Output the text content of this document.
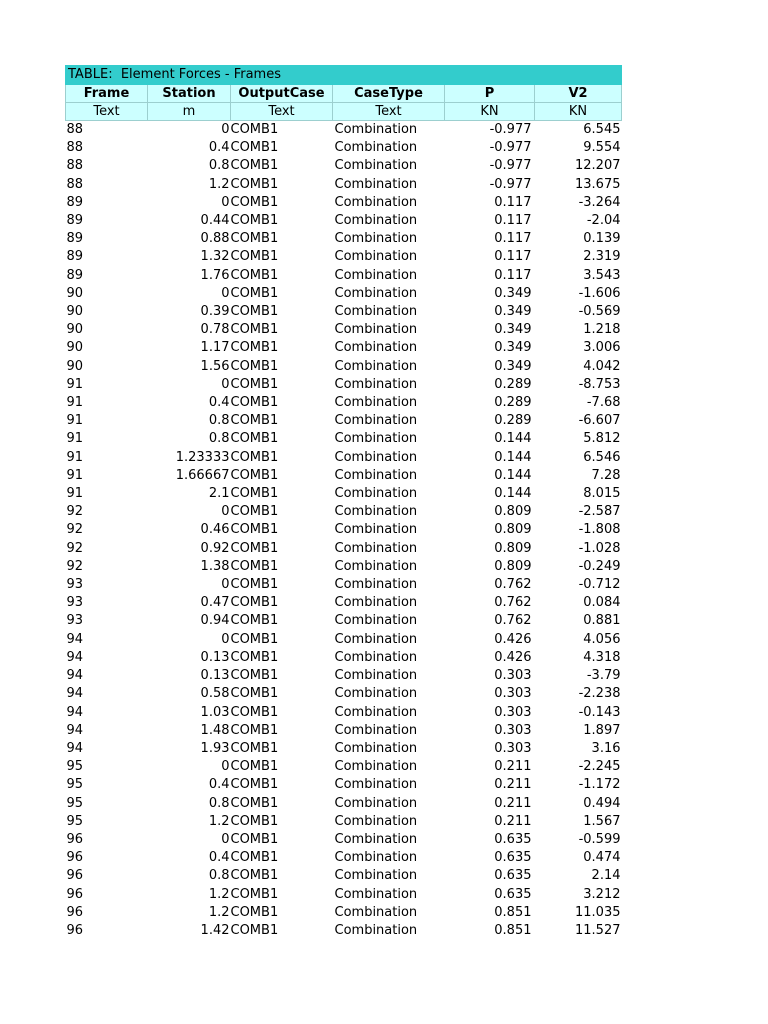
TABLE:  Element Forces - Frames					
Frame	Station	OutputCase	CaseType	P	V2
Text	m	Text	Text	KN	KN
88	0	COMB1	Combination	-0.977	6.545
88	0.4	COMB1	Combination	-0.977	9.554
88	0.8	COMB1	Combination	-0.977	12.207
88	1.2	COMB1	Combination	-0.977	13.675
89	0	COMB1	Combination	0.117	-3.264
89	0.44	COMB1	Combination	0.117	-2.04
89	0.88	COMB1	Combination	0.117	0.139
89	1.32	COMB1	Combination	0.117	2.319
89	1.76	COMB1	Combination	0.117	3.543
90	0	COMB1	Combination	0.349	-1.606
90	0.39	COMB1	Combination	0.349	-0.569
90	0.78	COMB1	Combination	0.349	1.218
90	1.17	COMB1	Combination	0.349	3.006
90	1.56	COMB1	Combination	0.349	4.042
91	0	COMB1	Combination	0.289	-8.753
91	0.4	COMB1	Combination	0.289	-7.68
91	0.8	COMB1	Combination	0.289	-6.607
91	0.8	COMB1	Combination	0.144	5.812
91	1.23333	COMB1	Combination	0.144	6.546
91	1.66667	COMB1	Combination	0.144	7.28
91	2.1	COMB1	Combination	0.144	8.015
92	0	COMB1	Combination	0.809	-2.587
92	0.46	COMB1	Combination	0.809	-1.808
92	0.92	COMB1	Combination	0.809	-1.028
92	1.38	COMB1	Combination	0.809	-0.249
93	0	COMB1	Combination	0.762	-0.712
93	0.47	COMB1	Combination	0.762	0.084
93	0.94	COMB1	Combination	0.762	0.881
94	0	COMB1	Combination	0.426	4.056
94	0.13	COMB1	Combination	0.426	4.318
94	0.13	COMB1	Combination	0.303	-3.79
94	0.58	COMB1	Combination	0.303	-2.238
94	1.03	COMB1	Combination	0.303	-0.143
94	1.48	COMB1	Combination	0.303	1.897
94	1.93	COMB1	Combination	0.303	3.16
95	0	COMB1	Combination	0.211	-2.245
95	0.4	COMB1	Combination	0.211	-1.172
95	0.8	COMB1	Combination	0.211	0.494
95	1.2	COMB1	Combination	0.211	1.567
96	0	COMB1	Combination	0.635	-0.599
96	0.4	COMB1	Combination	0.635	0.474
96	0.8	COMB1	Combination	0.635	2.14
96	1.2	COMB1	Combination	0.635	3.212
96	1.2	COMB1	Combination	0.851	11.035
96	1.42	COMB1	Combination	0.851	11.527
